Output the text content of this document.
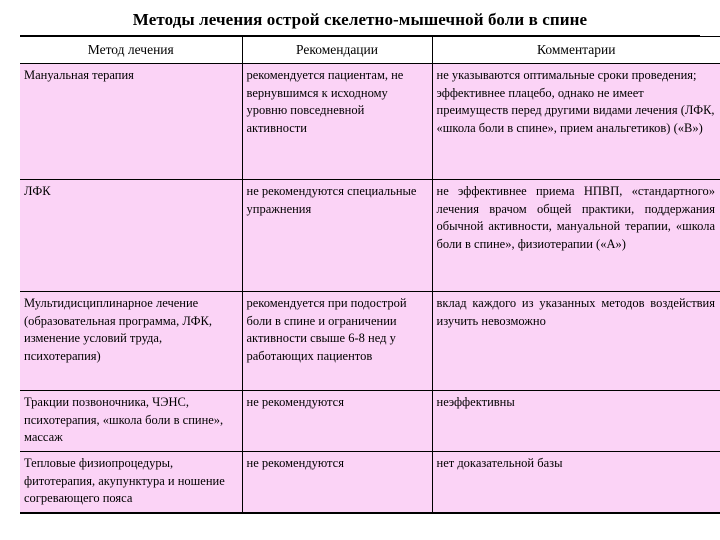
Методы лечения острой скелетно-мышечной боли в спине
Метод лечения	Рекомендации	Комментарии
Мануальная терапия	рекомендуется пациентам, не вернувшимся к исходному уровню повседневной активности	не указываются оптимальные сроки проведения; эффективнее плацебо, однако не имеет преимуществ перед другими видами лечения (ЛФК, «школа боли в спине», прием анальгетиков) («В»)
ЛФК	не рекомендуются специальные упражнения	не эффективнее приема НПВП, «стандартного» лечения врачом общей практики, поддержания обычной активности, мануальной терапии, «школа боли в спине», физиотерапии («А»)
Мультидисциплинарное лечение (образовательная программа, ЛФК, изменение условий труда, психотерапия)	рекомендуется при подострой боли в спине и ограничении активности свыше 6-8 нед у работающих пациентов	вклад каждого из указанных методов воздействия изучить невозможно
Тракции позвоночника, ЧЭНС, психотерапия, «школа боли в спине», массаж	не рекомендуются	неэффективны
Тепловые физиопроцедуры, фитотерапия, акупунктура и ношение согревающего пояса	не рекомендуются	нет доказательной базы
